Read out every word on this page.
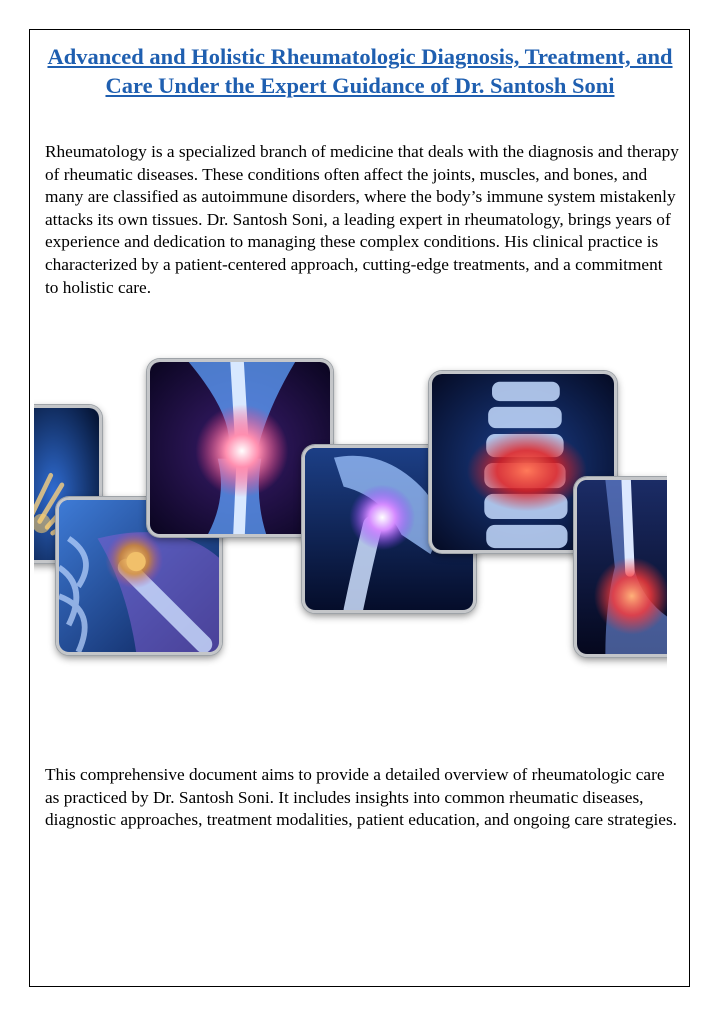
Advanced and Holistic Rheumatologic Diagnosis, Treatment, and Care Under the Expert Guidance of Dr. Santosh Soni

Rheumatology is a specialized branch of medicine that deals with the diagnosis and therapy of rheumatic diseases. These conditions often affect the joints, muscles, and bones, and many are classified as autoimmune disorders, where the body’s immune system mistakenly attacks its own tissues. Dr. Santosh Soni, a leading expert in rheumatology, brings years of experience and dedication to managing these complex conditions. His clinical practice is characterized by a patient-centered approach, cutting-edge treatments, and a commitment to holistic care.

This comprehensive document aims to provide a detailed overview of rheumatologic care as practiced by Dr. Santosh Soni. It includes insights into common rheumatic diseases, diagnostic approaches, treatment modalities, patient education, and ongoing care strategies.
